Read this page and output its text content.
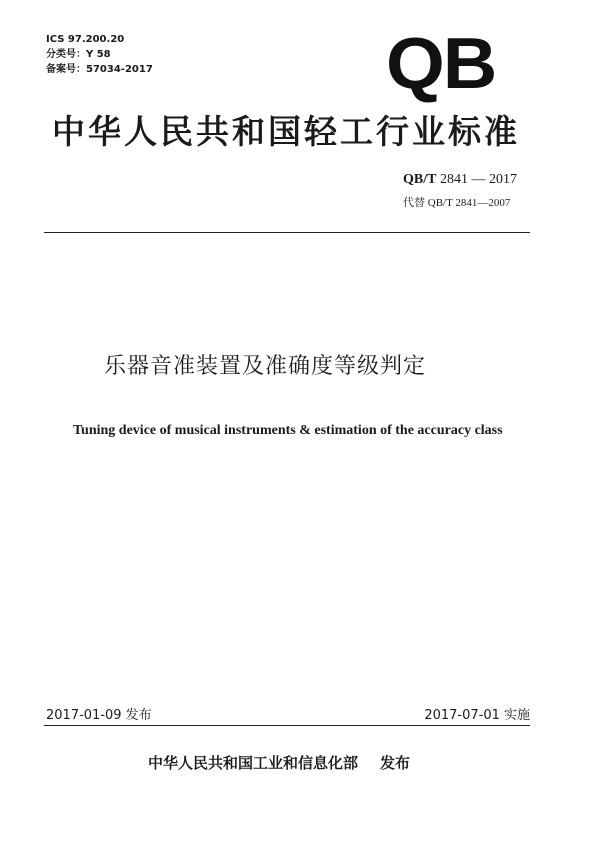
ICS 97.200.20
分类号：Y 58
备案号：57034-2017	QB
中华人民共和国轻工行业标准
QB/T 2841 — 2017
代替 QB/T 2841—2007
乐器音准装置及准确度等级判定
Tuning device of musical instruments & estimation of the accuracy class
2017-01-09 发布	2017-07-01 实施
中华人民共和国工业和信息化部 发布
